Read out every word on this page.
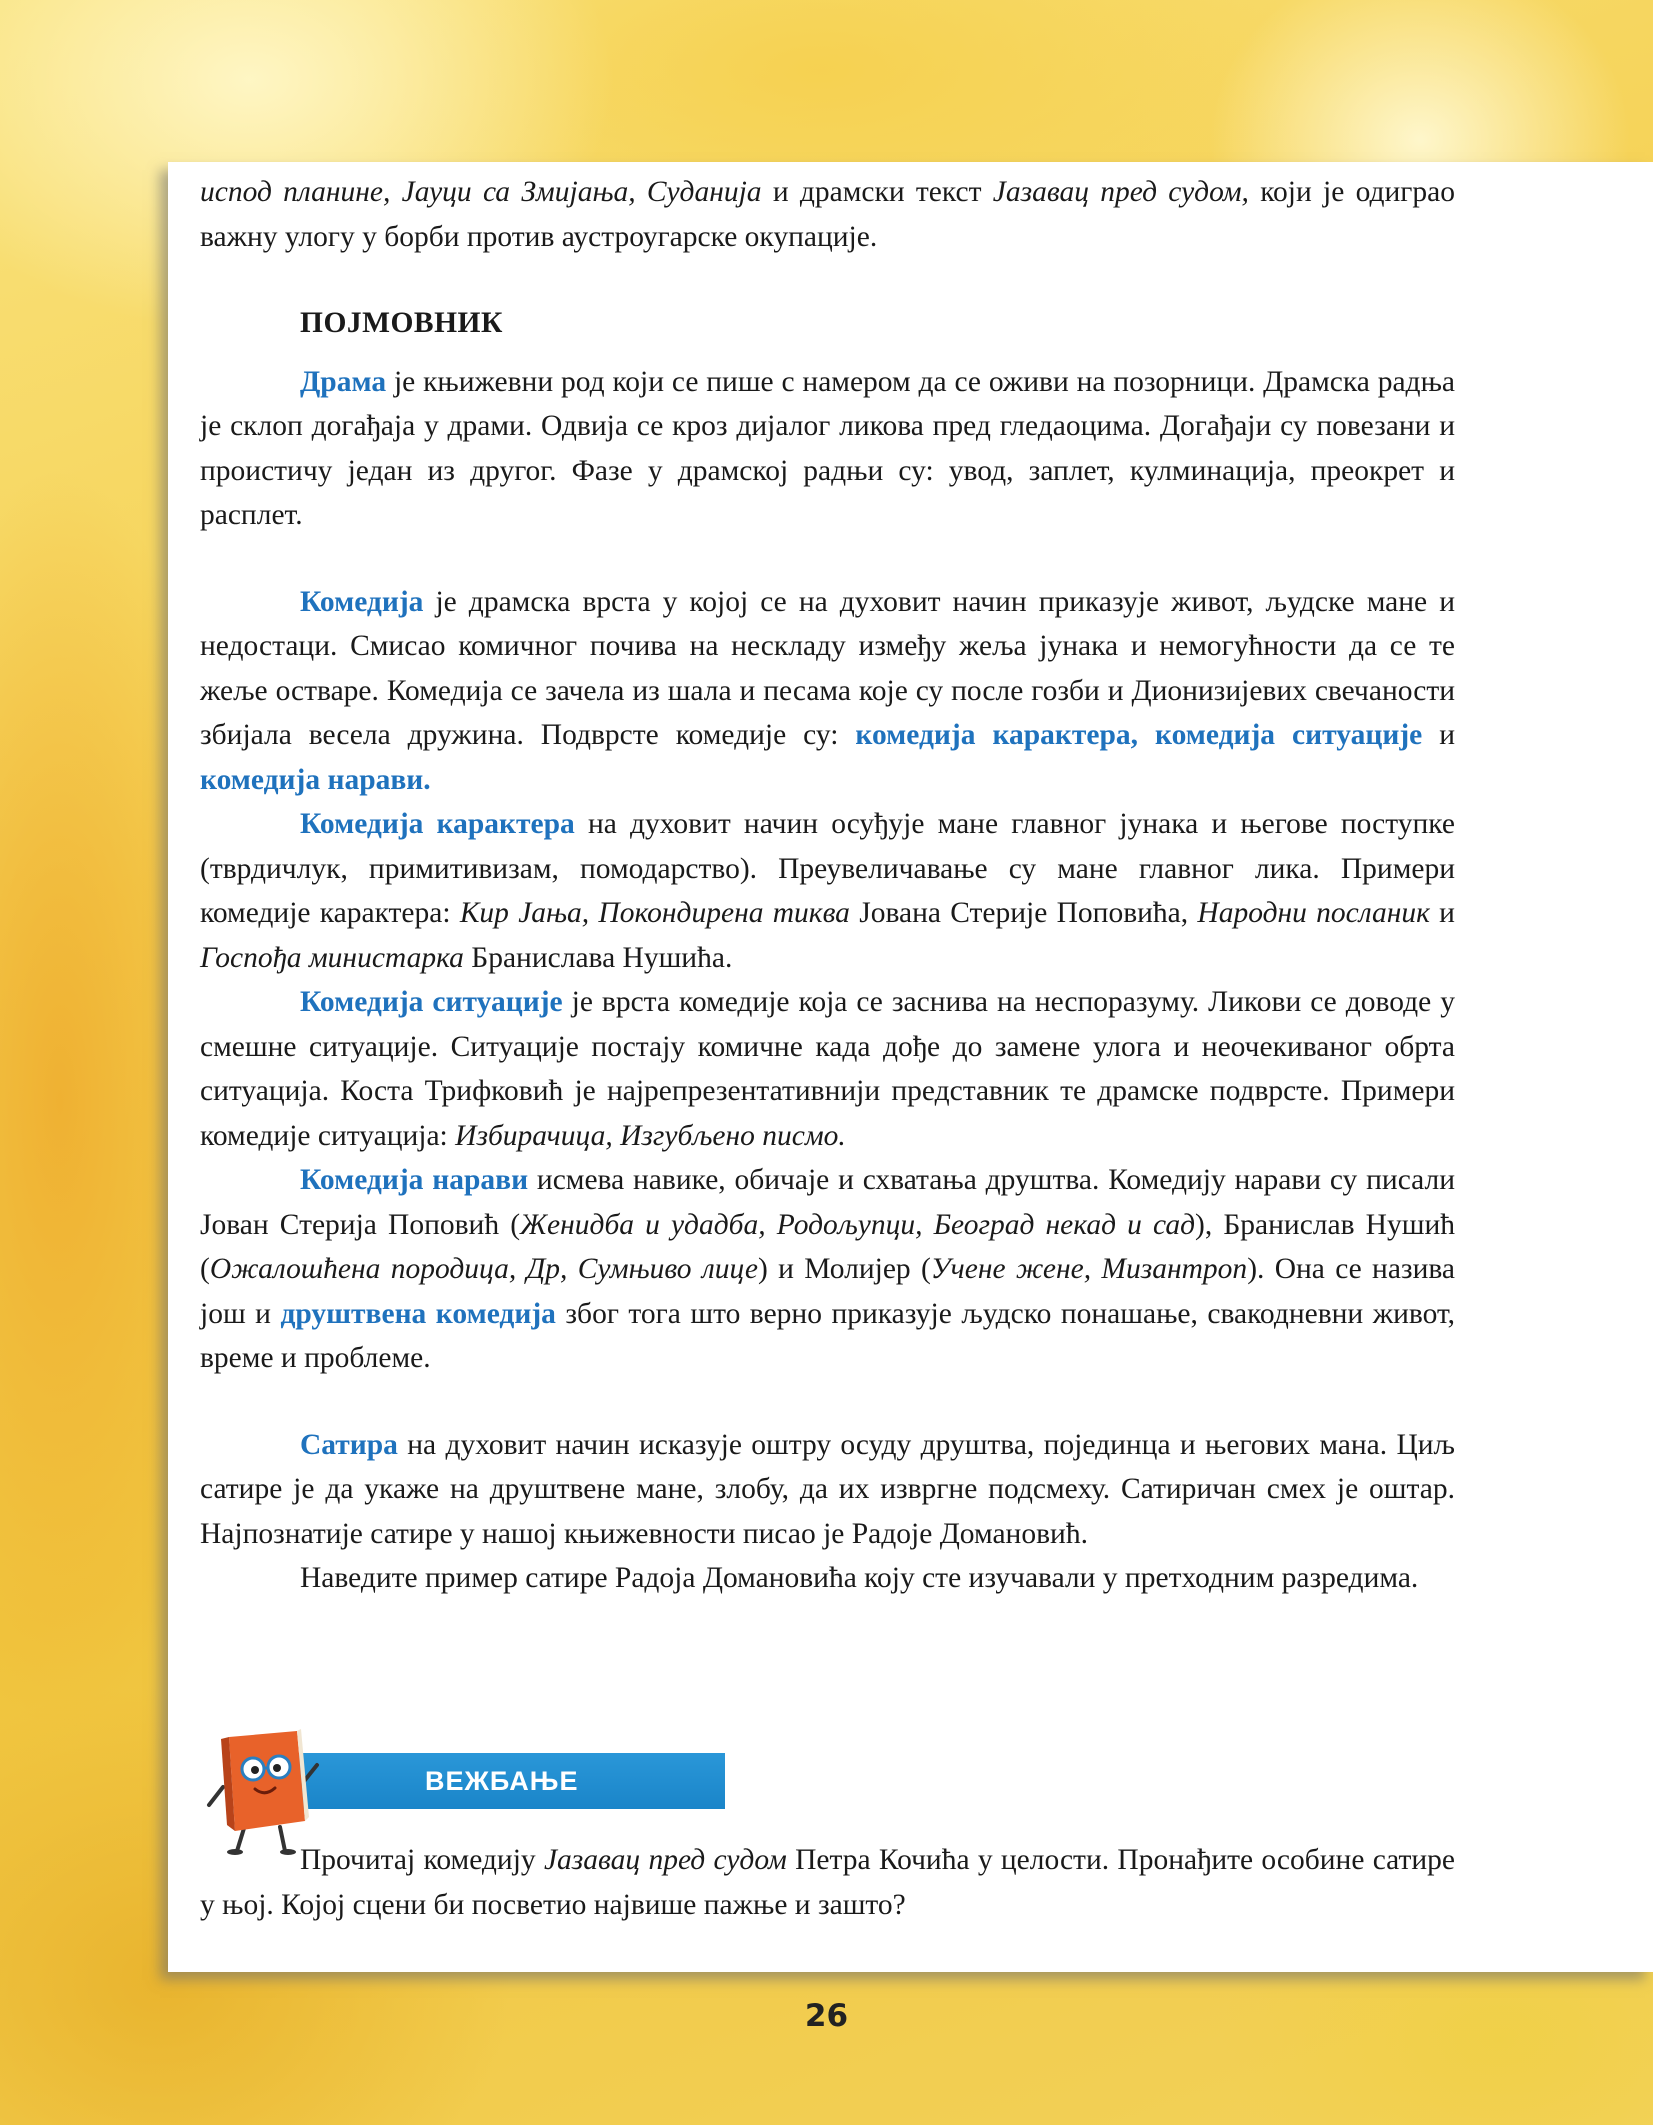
испод планине, Јауци са Змијања, Суданија и драмски текст Јазавац пред судом, који је одиграо важну улогу у борби против аустроугарске окупације.

ПОЈМОВНИК

Драма је књижевни род који се пише с намером да се оживи на позорници. Драмска радња је склоп догађаја у драми. Одвија се кроз дијалог ликова пред гледаоцима. Догађаји су повезани и проистичу један из другог. Фазе у драмској радњи су: увод, заплет, кулминација, преокрет и расплет.

Комедија је драмска врста у којој се на духовит начин приказује живот, људске мане и недостаци. Смисао комичног почива на нескладу између жеља јунака и немогућности да се те жеље остваре. Комедија се зачела из шала и песама које су после гозби и Дионизијевих свечаности збијала весела дружина. Подврсте комедије су: комедија карактера, комедија ситуације и комедија нарави.

Комедија карактера на духовит начин осуђује мане главног јунака и његове поступке (тврдичлук, примитивизам, помодарство). Преувеличавање су мане главног лика. Примери комедије карактера: Кир Јања, Покондирена тиква Јована Стерије Поповића, Народни посланик и Госпођа министарка Бранислава Нушића.

Комедија ситуације је врста комедије која се заснива на неспоразуму. Ликови се доводе у смешне ситуације. Ситуације постају комичне када дође до замене улога и неочекиваног обрта ситуација. Коста Трифковић је најрепрезентативнији представник те драмске подврсте. Примери комедије ситуација: Избирачица, Изгубљено писмо.

Комедија нарави исмева навике, обичаје и схватања друштва. Комедију нарави су писали Јован Стерија Поповић (Женидба и удадба, Родољупци, Београд некад и сад), Бранислав Нушић (Ожалошћена породица, Др, Сумњиво лице) и Молијер (Учене жене, Мизантроп). Она се назива још и друштвена комедија због тога што верно приказује људско понашање, свакодневни живот, време и проблеме.

Сатира на духовит начин исказује оштру осуду друштва, појединца и његових мана. Циљ сатире је да укаже на друштвене мане, злобу, да их извргне подсмеху. Сатиричан смех је оштар. Најпознатије сатире у нашој књижевности писао је Радоје Домановић.

Наведите пример сатире Радоја Домановића коју сте изучавали у претходним разредима.

ВЕЖБАЊЕ

Прочитај комедију Јазавац пред судом Петра Кочића у целости. Пронађите особине сатире у њој. Којој сцени би посветио највише пажње и зашто?

26
